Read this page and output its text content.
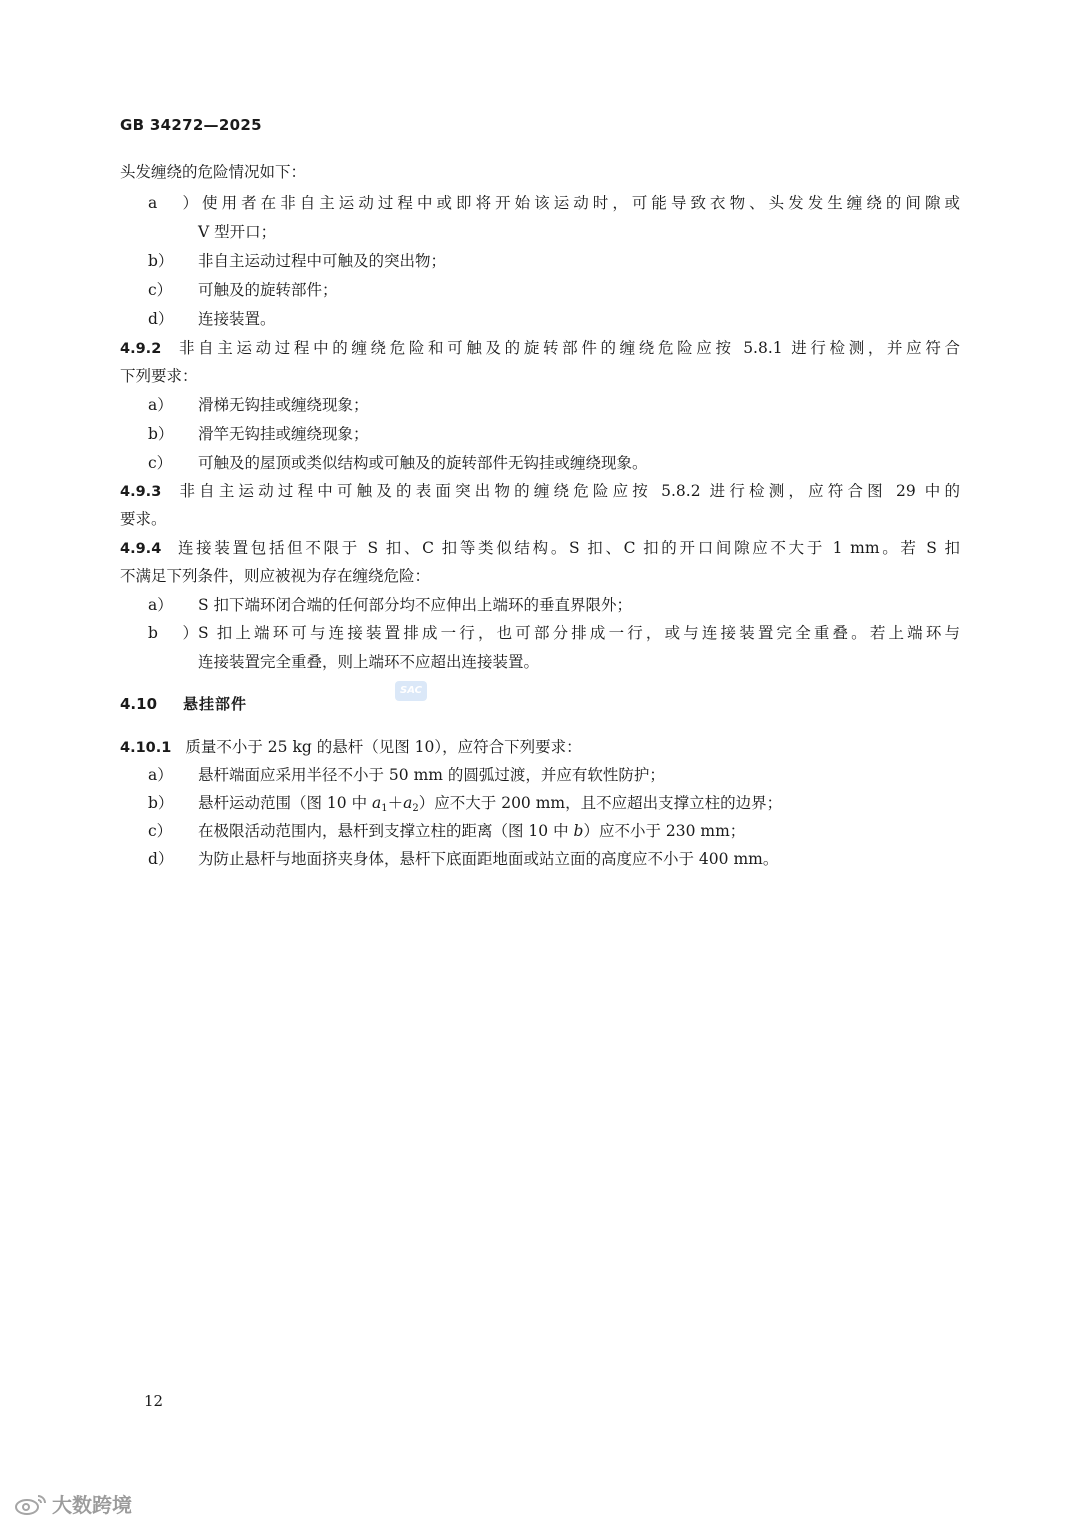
GB 34272—2025
头发缠绕的危险情况如下：
a）使用者在非自主运动过程中或即将开始该运动时，可能导致衣物、头发发生缠绕的间隙或
V 型开口；
b） 非自主运动过程中可触及的突出物；
c） 可触及的旋转部件；
d） 连接装置。
4.9.2 非自主运动过程中的缠绕危险和可触及的旋转部件的缠绕危险应按 5.8.1 进行检测，并应符合
下列要求：
a） 滑梯无钩挂或缠绕现象；
b） 滑竿无钩挂或缠绕现象；
c） 可触及的屋顶或类似结构或可触及的旋转部件无钩挂或缠绕现象。
4.9.3 非自主运动过程中可触及的表面突出物的缠绕危险应按 5.8.2 进行检测，应符合图 29 中的
要求。
4.9.4 连接装置包括但不限于 S 扣、C 扣等类似结构。S 扣、C 扣的开口间隙应不大于 1 mm。若 S 扣
不满足下列条件，则应被视为存在缠绕危险：
a） S 扣下端环闭合端的任何部分均不应伸出上端环的垂直界限外；
b）S 扣上端环可与连接装置排成一行，也可部分排成一行，或与连接装置完全重叠。若上端环与
连接装置完全重叠，则上端环不应超出连接装置。
SAC
4.10 悬挂部件
4.10.1 质量不小于 25 kg 的悬杆（见图 10），应符合下列要求：
a） 悬杆端面应采用半径不小于 50 mm 的圆弧过渡，并应有软性防护；
b） 悬杆运动范围（图 10 中 $a_1+a_2$）应不大于 200 mm，且不应超出支撑立柱的边界；
c） 在极限活动范围内，悬杆到支撑立柱的距离（图 10 中 b）应不小于 230 mm；
d） 为防止悬杆与地面挤夹身体，悬杆下底面距地面或站立面的高度应不小于 400 mm。
12
大数跨境
